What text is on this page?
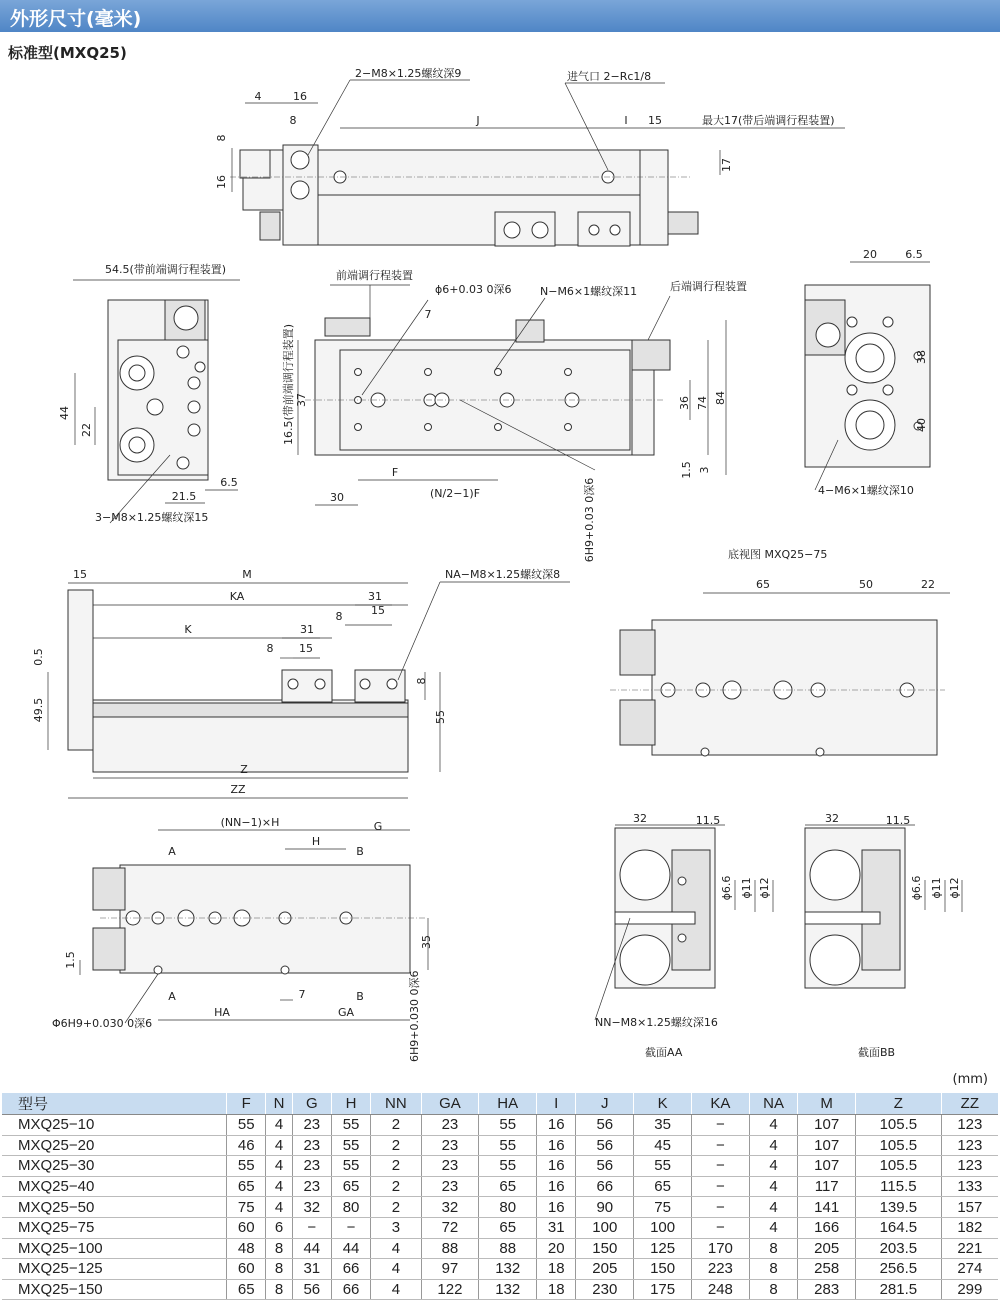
外形尺寸(毫米)
标准型(MXQ25)
2−M8×1.25螺纹深9	进气口 2−Rc1/8
最大17(带后端调行程装置)
4	16
8	J	I 15
8
16
17
54.5(带前端调行程装置)
3−M8×1.25螺纹深15
44
22
21.5
6.5
前端调行程装置
ϕ6+0.03 0深6	N−M6×1螺纹深11	后端调行程装置
16.5(带前端调行程装置)
7
37	36 74 84
1.5 3
F
(N/2−1)F
30	6H9+0.03 0深6	4−M6×1螺纹深10
20	6.5
38
40
NA−M8×1.25螺纹深8
15	M
KA	31
8	15
K	31
8 15
0.5
49.5
8
55
Z
ZZ
底视图 MXQ25−75
65	50	22
(NN−1)×H	G
A
H
B
35
1.5
A	7	B
HA	GA
Φ6H9+0.030 0深6	6H9+0.030 0深6	截面AA	截面BB
NN−M8×1.25螺纹深16
32	11.5
ϕ6.6 ϕ11 ϕ12
32	11.5
ϕ6.6 ϕ11 ϕ12
(mm)
型号	F	N	G	H	NN	GA	HA	I	J	K	KA	NA	M	Z	ZZ
MXQ25−10	55	4	23	55	2	23	55	16	56	35	−	4	107	105.5	123
MXQ25−20	46	4	23	55	2	23	55	16	56	45	−	4	107	105.5	123
MXQ25−30	55	4	23	55	2	23	55	16	56	55	−	4	107	105.5	123
MXQ25−40	65	4	23	65	2	23	65	16	66	65	−	4	117	115.5	133
MXQ25−50	75	4	32	80	2	32	80	16	90	75	−	4	141	139.5	157
MXQ25−75	60	6	−	−	3	72	65	31	100	100	−	4	166	164.5	182
MXQ25−100	48	8	44	44	4	88	88	20	150	125	170	8	205	203.5	221
MXQ25−125	60	8	31	66	4	97	132	18	205	150	223	8	258	256.5	274
MXQ25−150	65	8	56	66	4	122	132	18	230	175	248	8	283	281.5	299
